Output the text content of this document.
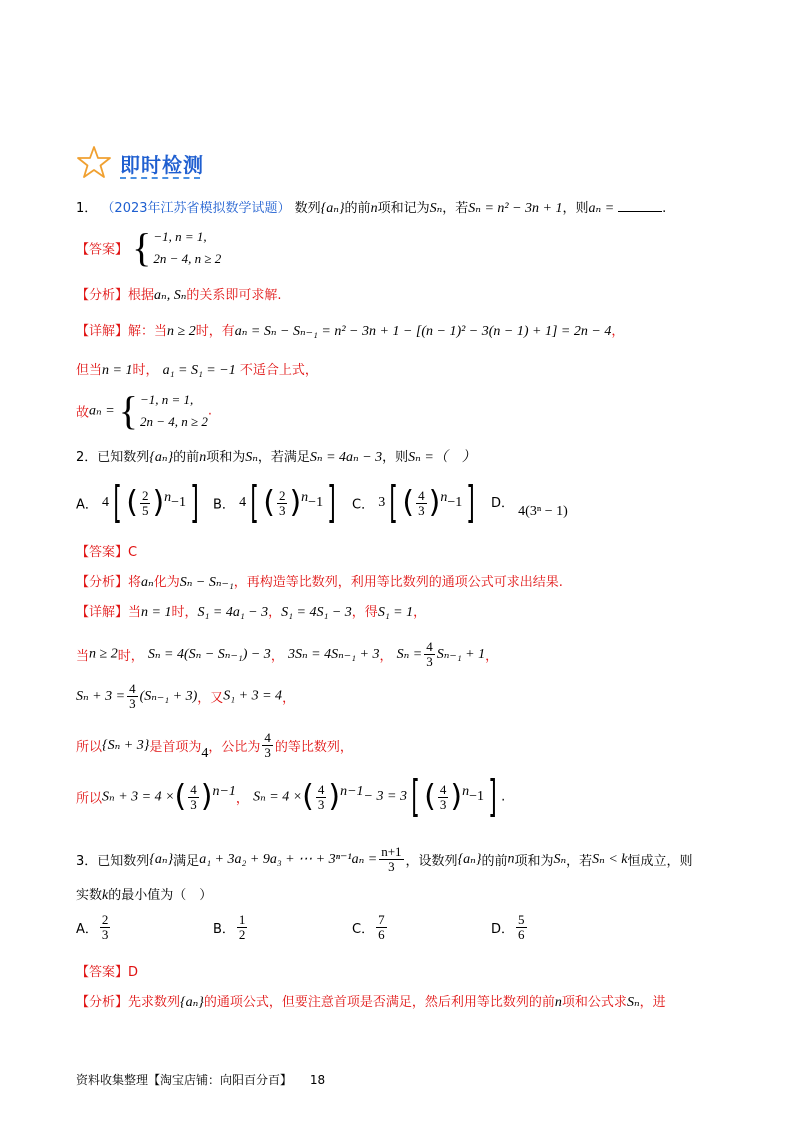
即时检测
1． （2023年江苏省模拟数学试题） 数列{aₙ}的前n项和记为Sₙ，若Sₙ = n² − 3n + 1，则aₙ =	.
【答案】 { −1, n = 1,
2n − 4, n ≥ 2
【分析】根据aₙ, Sₙ的关系即可求解.
【详解】解：当n ≥ 2时，有aₙ = Sₙ − Sₙ₋₁ = n² − 3n + 1 − [(n − 1)² − 3(n − 1) + 1] = 2n − 4，
但当n = 1时， a₁ = S₁ = −1 不适合上式，
故aₙ = { −1, n = 1,
2n − 4, n ≥ 2
.
2．已知数列{aₙ}的前n项和为Sₙ，若满足Sₙ = 4aₙ − 3，则Sₙ =（　）
A． 4[ ( $\frac{2}{5} )^n-1$]	B． 4[ ( $\frac{2}{3} )^n-1$]	C． 3[ ( $\frac{4}{3} )^n-1$]	D． 4(3ⁿ − 1)
【答案】C
【分析】将aₙ化为Sₙ − Sₙ₋₁，再构造等比数列，利用等比数列的通项公式可求出结果.
【详解】当n = 1时，S₁ = 4a₁ − 3，S₁ = 4S₁ − 3，得S₁ = 1，
当n ≥ 2时， Sₙ = 4(Sₙ − Sₙ₋₁) − 3， 3Sₙ = 4Sₙ₋₁ + 3， $S_n = \frac{4}{3} S_{n-1} + 1$，
$S_n + 3 = \frac{4}{3} (S_{n-1} + 3)$，又S₁ + 3 = 4，
所以{Sₙ + 3}是首项为4，公比为 $\frac{4}{3}$ 的等比数列，
所以Sₙ + 3 = 4 ×( $\frac{4}{3} )^{n-1}$， Sₙ = 4 ×( $\frac{4}{3} )^{n-1}- 3 = 3$[ ( $\frac{4}{3} )^n-1$] .
3．已知数列{aₙ}满足a₁ + 3a₂ + 9a₃ + ⋯ + $3^{n-1}a_n = \frac{n+1}{3}$ ，设数列{aₙ}的前n项和为Sₙ，若Sₙ < k恒成立，则
实数k的最小值为（　）
A． $\frac{2}{3}$	B． $\frac{1}{2}$	C． $\frac{7}{6}$	D． $\frac{5}{6}$
【答案】D
【分析】先求数列{aₙ}的通项公式，但要注意首项是否满足，然后利用等比数列的前n项和公式求Sₙ，进
资料收集整理【淘宝店铺：向阳百分百】 18
